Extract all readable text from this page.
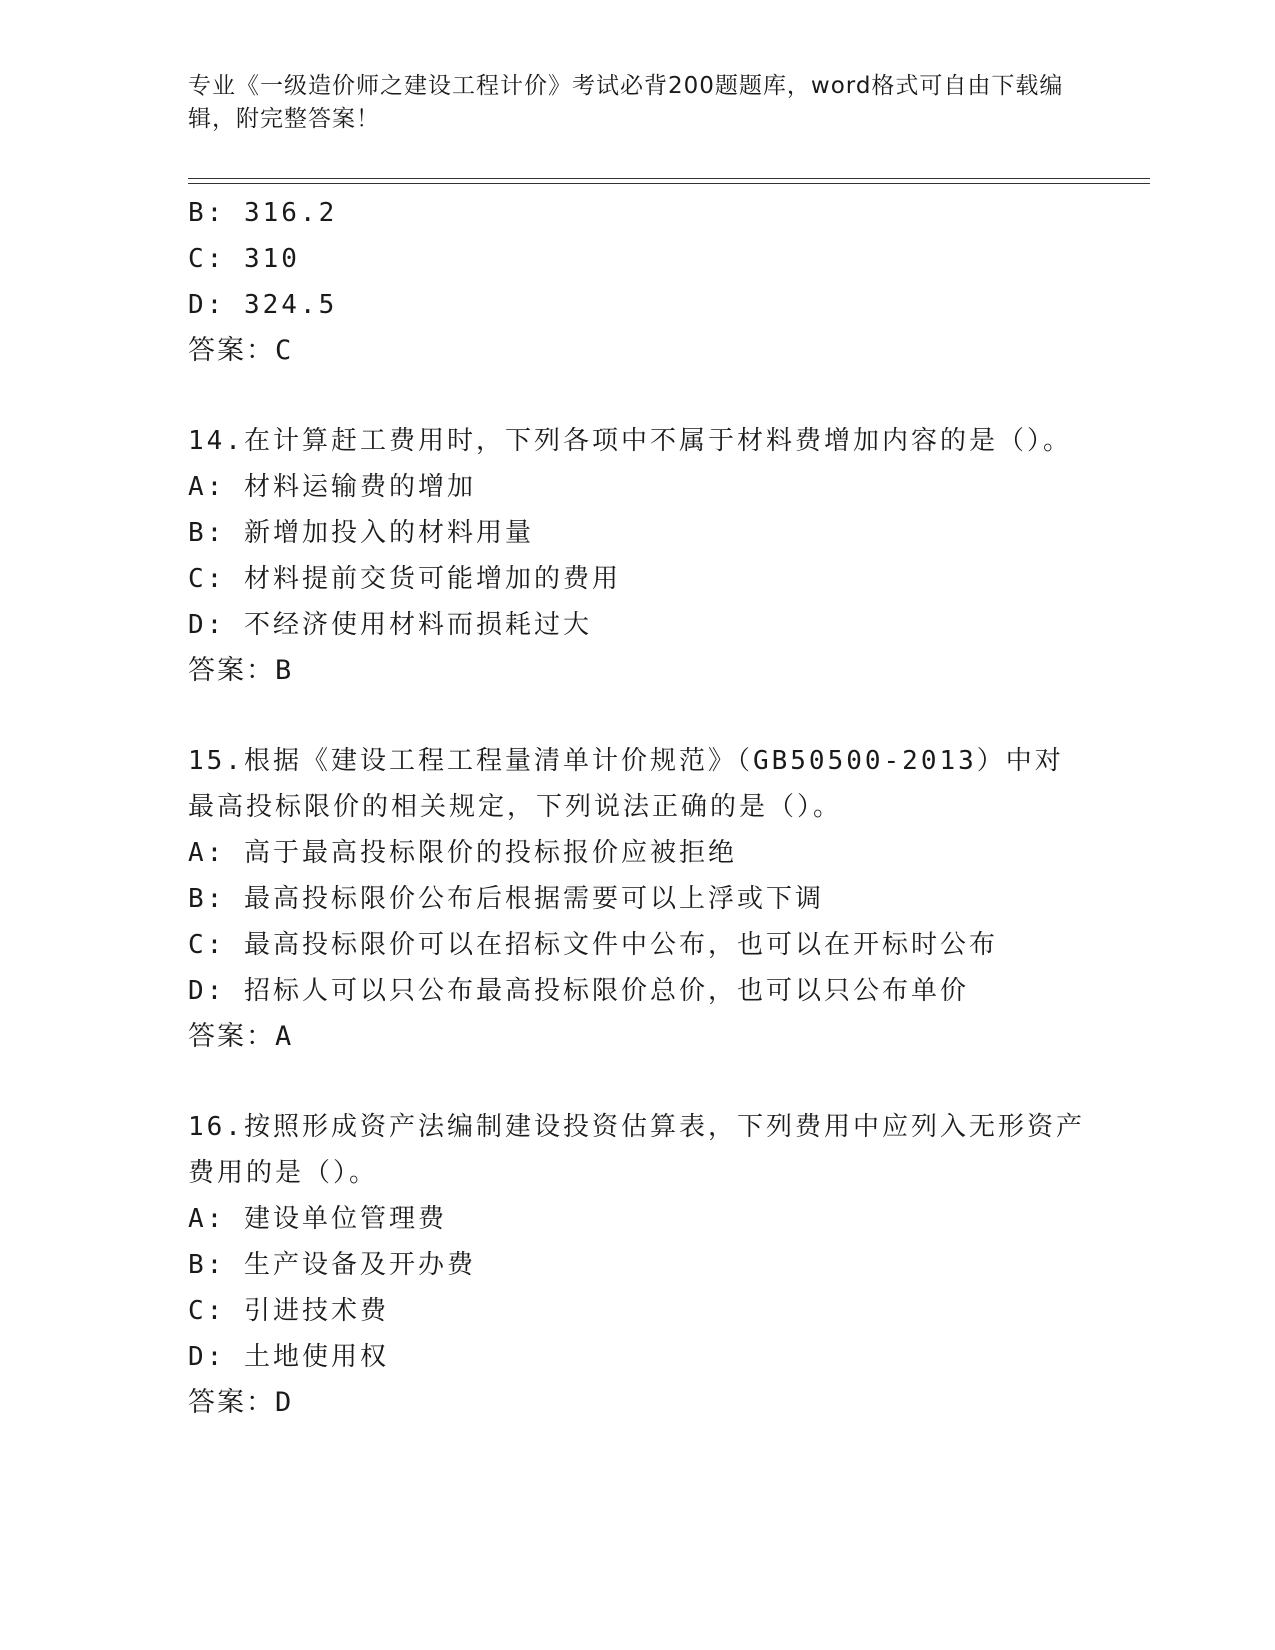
专业《一级造价师之建设工程计价》考试必背200题题库，word格式可自由下载编辑，附完整答案！
B: 316.2
C: 310
D: 324.5
答案：C
14.在计算赶工费用时，下列各项中不属于材料费增加内容的是（）。
A: 材料运输费的增加
B: 新增加投入的材料用量
C: 材料提前交货可能增加的费用
D: 不经济使用材料而损耗过大
答案：B
15.根据《建设工程工程量清单计价规范》（GB50500-2013）中对最高投标限价的相关规定，下列说法正确的是（）。
A: 高于最高投标限价的投标报价应被拒绝
B: 最高投标限价公布后根据需要可以上浮或下调
C: 最高投标限价可以在招标文件中公布，也可以在开标时公布
D: 招标人可以只公布最高投标限价总价，也可以只公布单价
答案：A
16.按照形成资产法编制建设投资估算表，下列费用中应列入无形资产费用的是（）。
A: 建设单位管理费
B: 生产设备及开办费
C: 引进技术费
D: 土地使用权
答案：D
